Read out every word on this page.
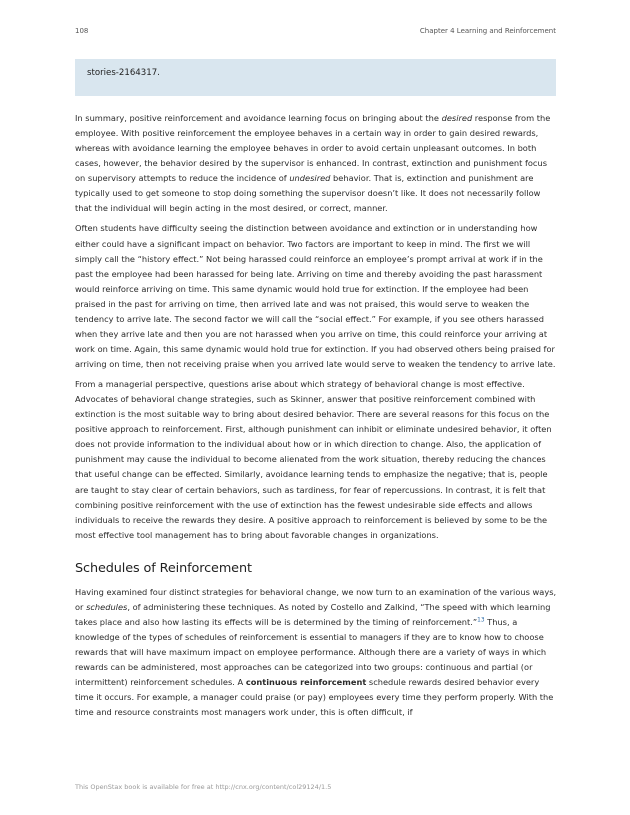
108	Chapter 4 Learning and Reinforcement
stories-2164317.

In summary, positive reinforcement and avoidance learning focus on bringing about the desired response from the employee. With positive reinforcement the employee behaves in a certain way in order to gain desired rewards, whereas with avoidance learning the employee behaves in order to avoid certain unpleasant outcomes. In both cases, however, the behavior desired by the supervisor is enhanced. In contrast, extinction and punishment focus on supervisory attempts to reduce the incidence of undesired behavior. That is, extinction and punishment are typically used to get someone to stop doing something the supervisor doesn’t like. It does not necessarily follow that the individual will begin acting in the most desired, or correct, manner.

Often students have difficulty seeing the distinction between avoidance and extinction or in understanding how either could have a significant impact on behavior. Two factors are important to keep in mind. The first we will simply call the “history effect.” Not being harassed could reinforce an employee’s prompt arrival at work if in the past the employee had been harassed for being late. Arriving on time and thereby avoiding the past harassment would reinforce arriving on time. This same dynamic would hold true for extinction. If the employee had been praised in the past for arriving on time, then arrived late and was not praised, this would serve to weaken the tendency to arrive late. The second factor we will call the “social effect.” For example, if you see others harassed when they arrive late and then you are not harassed when you arrive on time, this could reinforce your arriving at work on time. Again, this same dynamic would hold true for extinction. If you had observed others being praised for arriving on time, then not receiving praise when you arrived late would serve to weaken the tendency to arrive late.

From a managerial perspective, questions arise about which strategy of behavioral change is most effective. Advocates of behavioral change strategies, such as Skinner, answer that positive reinforcement combined with extinction is the most suitable way to bring about desired behavior. There are several reasons for this focus on the positive approach to reinforcement. First, although punishment can inhibit or eliminate undesired behavior, it often does not provide information to the individual about how or in which direction to change. Also, the application of punishment may cause the individual to become alienated from the work situation, thereby reducing the chances that useful change can be effected. Similarly, avoidance learning tends to emphasize the negative; that is, people are taught to stay clear of certain behaviors, such as tardiness, for fear of repercussions. In contrast, it is felt that combining positive reinforcement with the use of extinction has the fewest undesirable side effects and allows individuals to receive the rewards they desire. A positive approach to reinforcement is believed by some to be the most effective tool management has to bring about favorable changes in organizations.

Schedules of Reinforcement

Having examined four distinct strategies for behavioral change, we now turn to an examination of the various ways, or schedules, of administering these techniques. As noted by Costello and Zalkind, “The speed with which learning takes place and also how lasting its effects will be is determined by the timing of reinforcement.”$^{13}$ Thus, a knowledge of the types of schedules of reinforcement is essential to managers if they are to know how to choose rewards that will have maximum impact on employee performance. Although there are a variety of ways in which rewards can be administered, most approaches can be categorized into two groups: continuous and partial (or intermittent) reinforcement schedules. A continuous reinforcement schedule rewards desired behavior every time it occurs. For example, a manager could praise (or pay) employees every time they perform properly. With the time and resource constraints most managers work under, this is often difficult, if

This OpenStax book is available for free at http://cnx.org/content/col29124/1.5
